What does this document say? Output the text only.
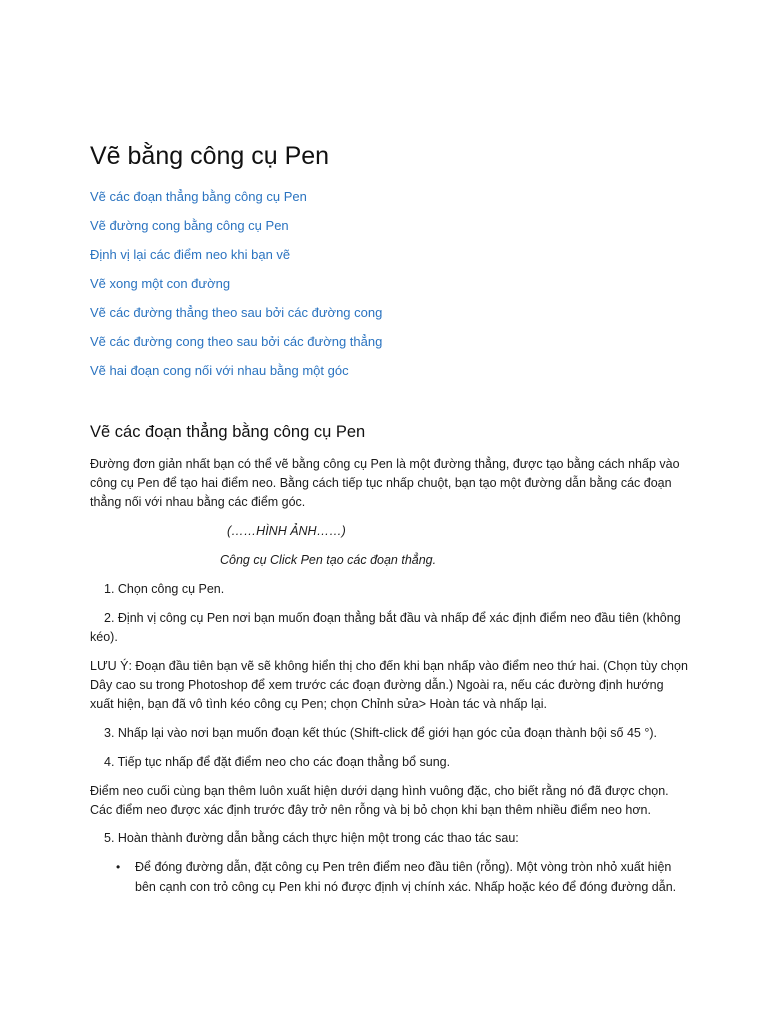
Vẽ bằng công cụ Pen
Vẽ các đoạn thẳng bằng công cụ Pen
Vẽ đường cong bằng công cụ Pen
Định vị lại các điểm neo khi bạn vẽ
Vẽ xong một con đường
Vẽ các đường thẳng theo sau bởi các đường cong
Vẽ các đường cong theo sau bởi các đường thẳng
Vẽ hai đoạn cong nối với nhau bằng một góc
Vẽ các đoạn thẳng bằng công cụ Pen

Đường đơn giản nhất bạn có thể vẽ bằng công cụ Pen là một đường thẳng, được tạo bằng cách nhấp vào công cụ Pen để tạo hai điểm neo. Bằng cách tiếp tục nhấp chuột, bạn tạo một đường dẫn bằng các đoạn thẳng nối với nhau bằng các điểm góc.

(……HÌNH ẢNH……)

Công cụ Click Pen tạo các đoạn thẳng.

1. Chọn công cụ Pen.

2. Định vị công cụ Pen nơi bạn muốn đoạn thẳng bắt đầu và nhấp để xác định điểm neo đầu tiên (không kéo).

LƯU Ý: Đoạn đầu tiên bạn vẽ sẽ không hiển thị cho đến khi bạn nhấp vào điểm neo thứ hai. (Chọn tùy chọn Dây cao su trong Photoshop để xem trước các đoạn đường dẫn.) Ngoài ra, nếu các đường định hướng xuất hiện, bạn đã vô tình kéo công cụ Pen; chọn Chỉnh sửa> Hoàn tác và nhấp lại.

3. Nhấp lại vào nơi bạn muốn đoạn kết thúc (Shift-click để giới hạn góc của đoạn thành bội số 45 °).

4. Tiếp tục nhấp để đặt điểm neo cho các đoạn thẳng bổ sung.

Điểm neo cuối cùng bạn thêm luôn xuất hiện dưới dạng hình vuông đặc, cho biết rằng nó đã được chọn. Các điểm neo được xác định trước đây trở nên rỗng và bị bỏ chọn khi bạn thêm nhiều điểm neo hơn.

5. Hoàn thành đường dẫn bằng cách thực hiện một trong các thao tác sau:

• Để đóng đường dẫn, đặt công cụ Pen trên điểm neo đầu tiên (rỗng). Một vòng tròn nhỏ xuất hiện bên cạnh con trỏ công cụ Pen khi nó được định vị chính xác. Nhấp hoặc kéo để đóng đường dẫn.
